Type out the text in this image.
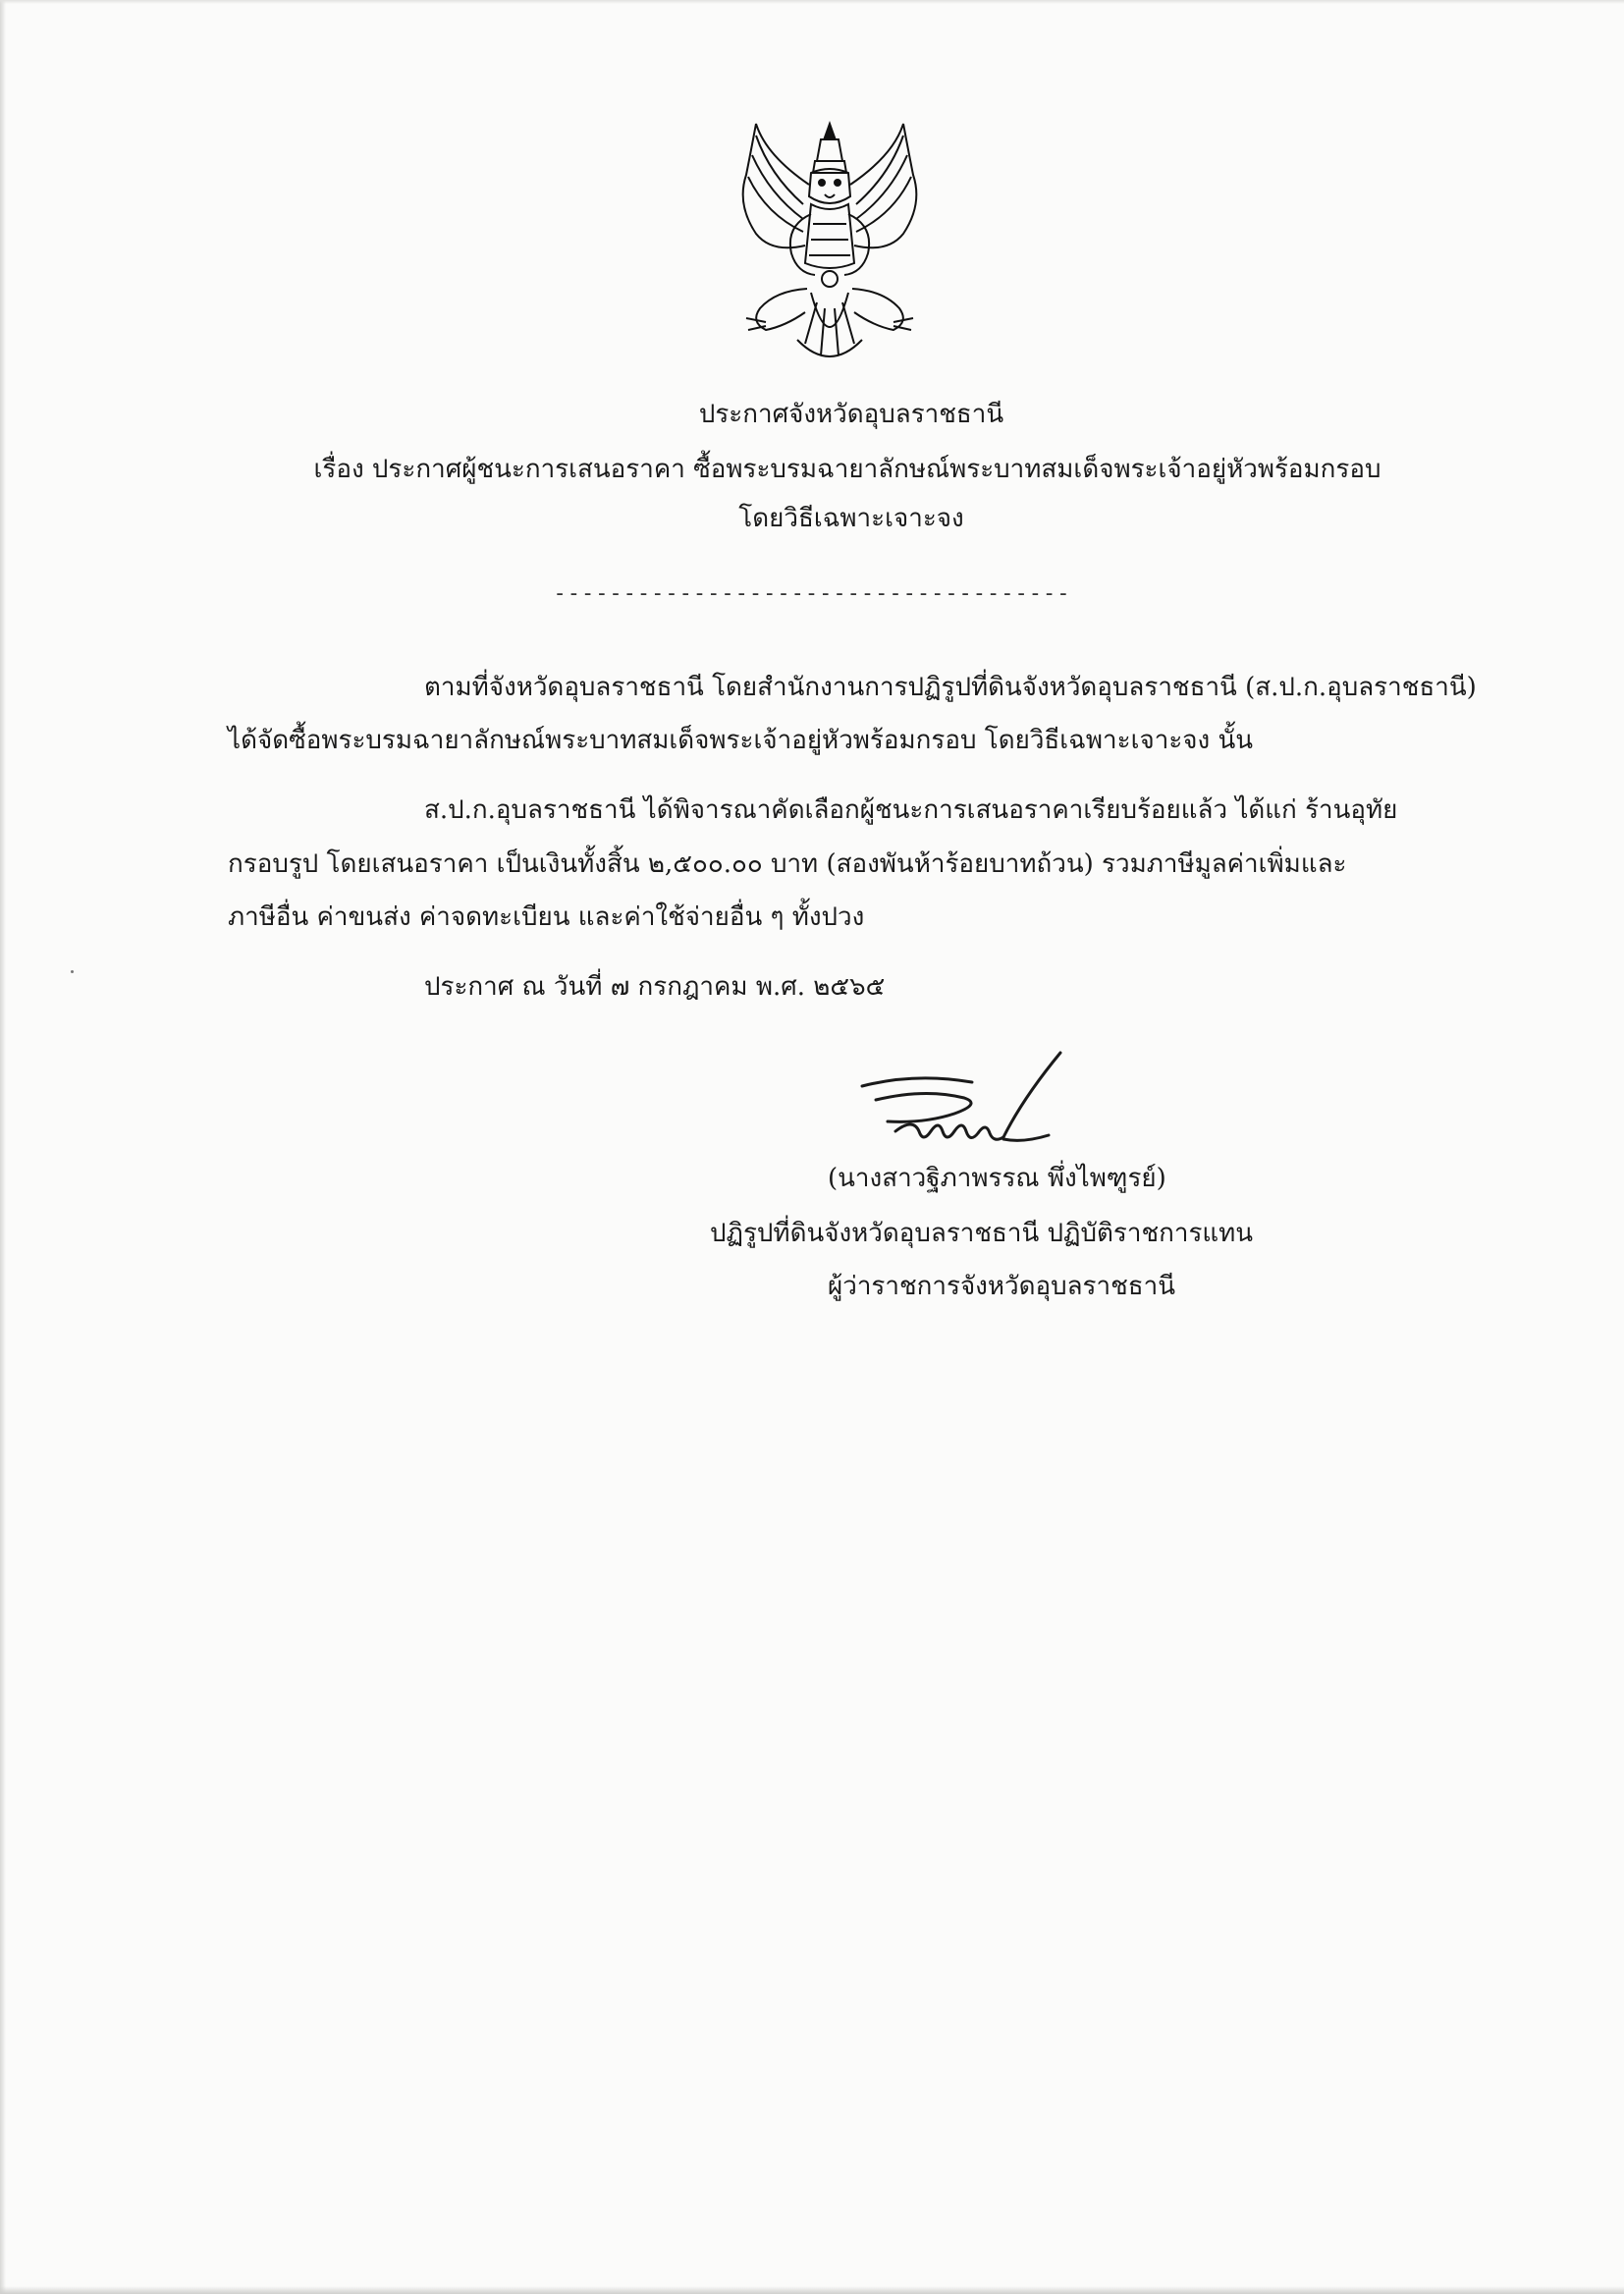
ประกาศจังหวัดอุบลราชธานี
เรื่อง ประกาศผู้ชนะการเสนอราคา ซื้อพระบรมฉายาลักษณ์พระบาทสมเด็จพระเจ้าอยู่หัวพร้อมกรอบ
โดยวิธีเฉพาะเจาะจง
-------------------------------------
ตามที่จังหวัดอุบลราชธานี โดยสำนักงานการปฏิรูปที่ดินจังหวัดอุบลราชธานี (ส.ป.ก.อุบลราชธานี)
ได้จัดซื้อพระบรมฉายาลักษณ์พระบาทสมเด็จพระเจ้าอยู่หัวพร้อมกรอบ โดยวิธีเฉพาะเจาะจง นั้น
ส.ป.ก.อุบลราชธานี ได้พิจารณาคัดเลือกผู้ชนะการเสนอราคาเรียบร้อยแล้ว ได้แก่ ร้านอุทัย
กรอบรูป โดยเสนอราคา เป็นเงินทั้งสิ้น ๒,๕๐๐.๐๐ บาท (สองพันห้าร้อยบาทถ้วน) รวมภาษีมูลค่าเพิ่มและ
ภาษีอื่น ค่าขนส่ง ค่าจดทะเบียน และค่าใช้จ่ายอื่น ๆ ทั้งปวง
ประกาศ ณ วันที่ ๗ กรกฎาคม พ.ศ. ๒๕๖๕
(นางสาวฐิภาพรรณ พึ่งไพฑูรย์)
ปฏิรูปที่ดินจังหวัดอุบลราชธานี ปฏิบัติราชการแทน
ผู้ว่าราชการจังหวัดอุบลราชธานี
